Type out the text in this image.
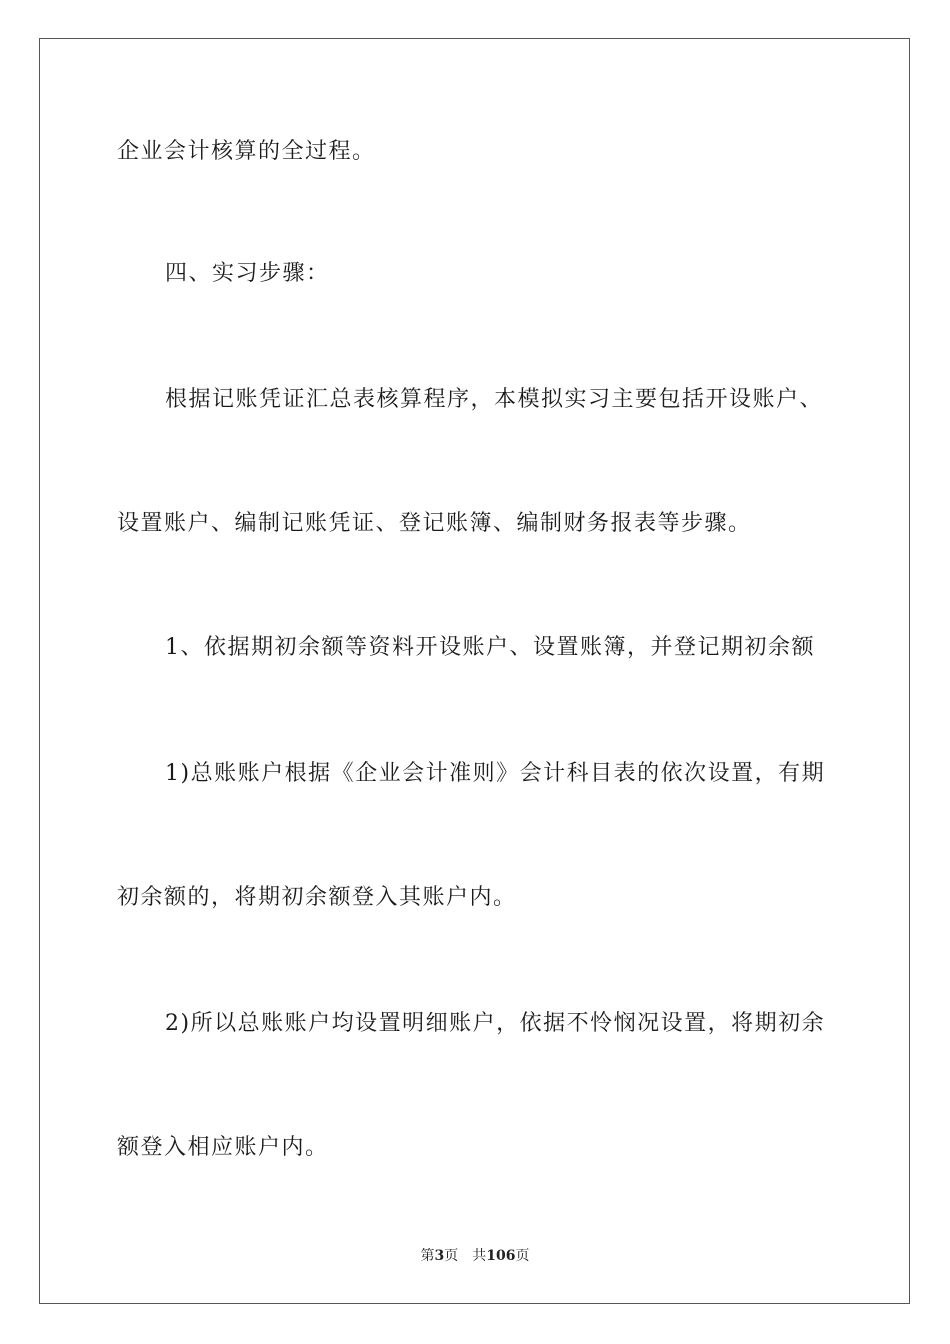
企业会计核算的全过程。
四、实习步骤：
根据记账凭证汇总表核算程序，本模拟实习主要包括开设账户、
设置账户、编制记账凭证、登记账簿、编制财务报表等步骤。
1、依据期初余额等资料开设账户、设置账簿，并登记期初余额
1)总账账户根据《企业会计准则》会计科目表的依次设置，有期
初余额的，将期初余额登入其账户内。
2)所以总账账户均设置明细账户，依据不怜悯况设置，将期初余
额登入相应账户内。
第3页 共106页
